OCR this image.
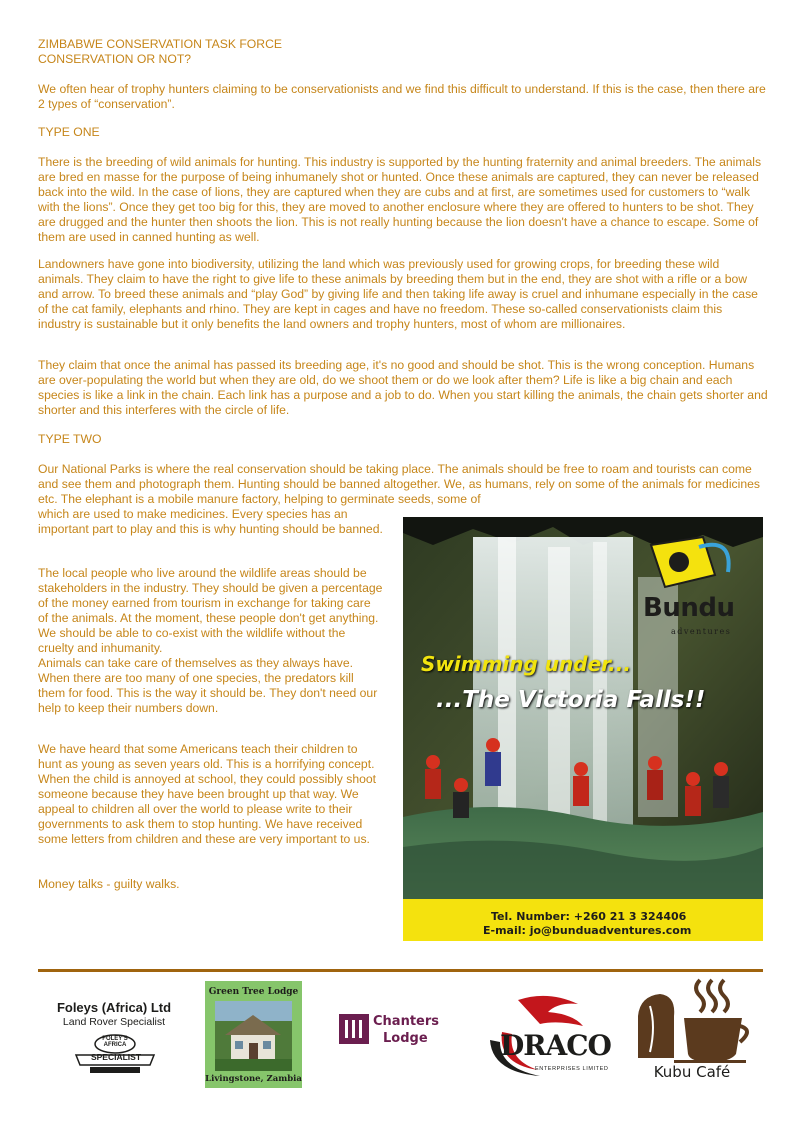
ZIMBABWE CONSERVATION TASK FORCE
CONSERVATION OR NOT?

We often hear of trophy hunters claiming to be conservationists and we find this difficult to understand. If this is the case, then there are 2 types of “conservation”.

TYPE ONE

There is the breeding of wild animals for hunting. This industry is supported by the hunting fraternity and animal breeders. The animals are bred en masse for the purpose of being inhumanely shot or hunted. Once these animals are captured, they can never be released back into the wild. In the case of lions, they are captured when they are cubs and at first, are sometimes used for customers to “walk with the lions”. Once they get too big for this, they are moved to another enclosure where they are offered to hunters to be shot. They are drugged and the hunter then shoots the lion. This is not really hunting because the lion doesn't have a chance to escape. Some of them are used in canned hunting as well.

Landowners have gone into biodiversity, utilizing the land which was previously used for growing crops, for breeding these wild animals. They claim to have the right to give life to these animals by breeding them but in the end, they are shot with a rifle or a bow and arrow. To breed these animals and “play God” by giving life and then taking life away is cruel and inhumane especially in the case of the cat family, elephants and rhino. They are kept in cages and have no freedom. These so-called conservationists claim this industry is sustainable but it only benefits the land owners and trophy hunters, most of whom are millionaires.

They claim that once the animal has passed its breeding age, it's no good and should be shot. This is the wrong conception. Humans are over-populating the world but when they are old, do we shoot them or do we look after them? Life is like a big chain and each species is like a link in the chain. Each link has a purpose and a job to do. When you start killing the animals, the chain gets shorter and shorter and this interferes with the circle of life.

TYPE TWO

Our National Parks is where the real conservation should be taking place. The animals should be free to roam and tourists can come and see them and photograph them. Hunting should be banned altogether. We, as humans, rely on some of the animals for medicines etc. The elephant is a mobile manure factory, helping to germinate seeds, some of

which are used to make medicines. Every species has an important part to play and this is why hunting should be banned.

The local people who live around the wildlife areas should be stakeholders in the industry. They should be given a percentage of the money earned from tourism in exchange for taking care of the animals. At the moment, these people don't get anything. We should be able to co-exist with the wildlife without the cruelty and inhumanity.

Animals can take care of themselves as they always have. When there are too many of one species, the predators kill them for food. This is the way it should be. They don't need our help to keep their numbers down.

We have heard that some Americans teach their children to hunt as young as seven years old. This is a horrifying concept. When the child is annoyed at school, they could possibly shoot someone because they have been brought up that way. We appeal to children all over the world to please write to their governments to ask them to stop hunting. We have received some letters from children and these are very important to us.

Money talks - guilty walks.

Bundu
adventures
Swimming under...
...The Victoria Falls!!
Tel. Number: +260 21 3 324406
E-mail: jo@bunduadventures.com
Foleys (Africa) Ltd
Land Rover Specialist
FOLEY'S AFRICA
SPECIALIST
Green Tree Lodge
Livingstone, Zambia
Chanters
Lodge	DRACO
ENTERPRISES LIMITED	Kubu Café
